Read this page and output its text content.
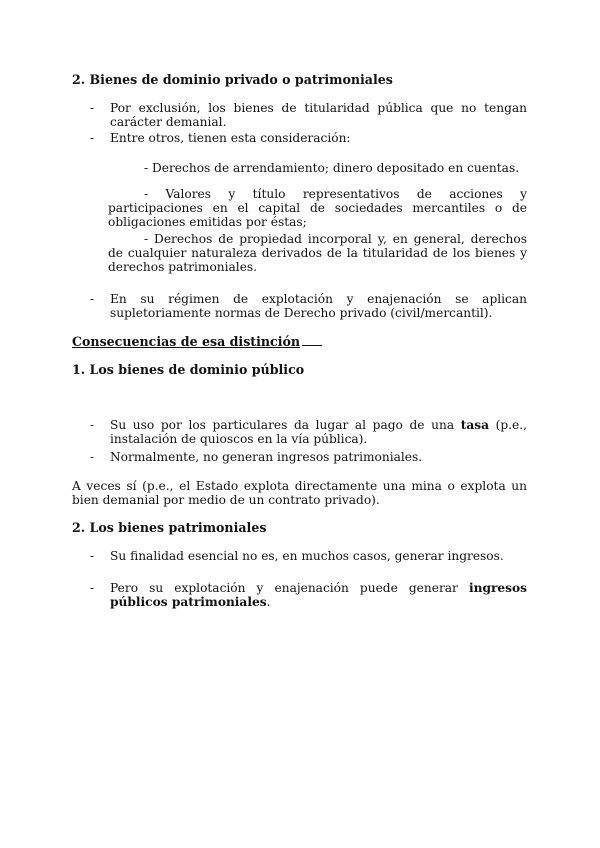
2. Bienes de dominio privado o patrimoniales
- Por exclusión, los bienes de titularidad pública que no tengan carácter demanial.
- Entre otros, tienen esta consideración:
- Derechos de arrendamiento; dinero depositado en cuentas.
- Valores y título representativos de acciones y participaciones en el capital de sociedades mercantiles o de obligaciones emitidas por éstas;
- Derechos de propiedad incorporal y, en general, derechos de cualquier naturaleza derivados de la titularidad de los bienes y derechos patrimoniales.
- En su régimen de explotación y enajenación se aplican supletoriamente normas de Derecho privado (civil/mercantil).
Consecuencias de esa distinción
1. Los bienes de dominio público
- Su uso por los particulares da lugar al pago de una tasa (p.e., instalación de quioscos en la vía pública).
- Normalmente, no generan ingresos patrimoniales.

A veces sí (p.e., el Estado explota directamente una mina o explota un bien demanial por medio de un contrato privado).

2. Los bienes patrimoniales
- Su finalidad esencial no es, en muchos casos, generar ingresos.
- Pero su explotación y enajenación puede generar ingresos públicos patrimoniales.
